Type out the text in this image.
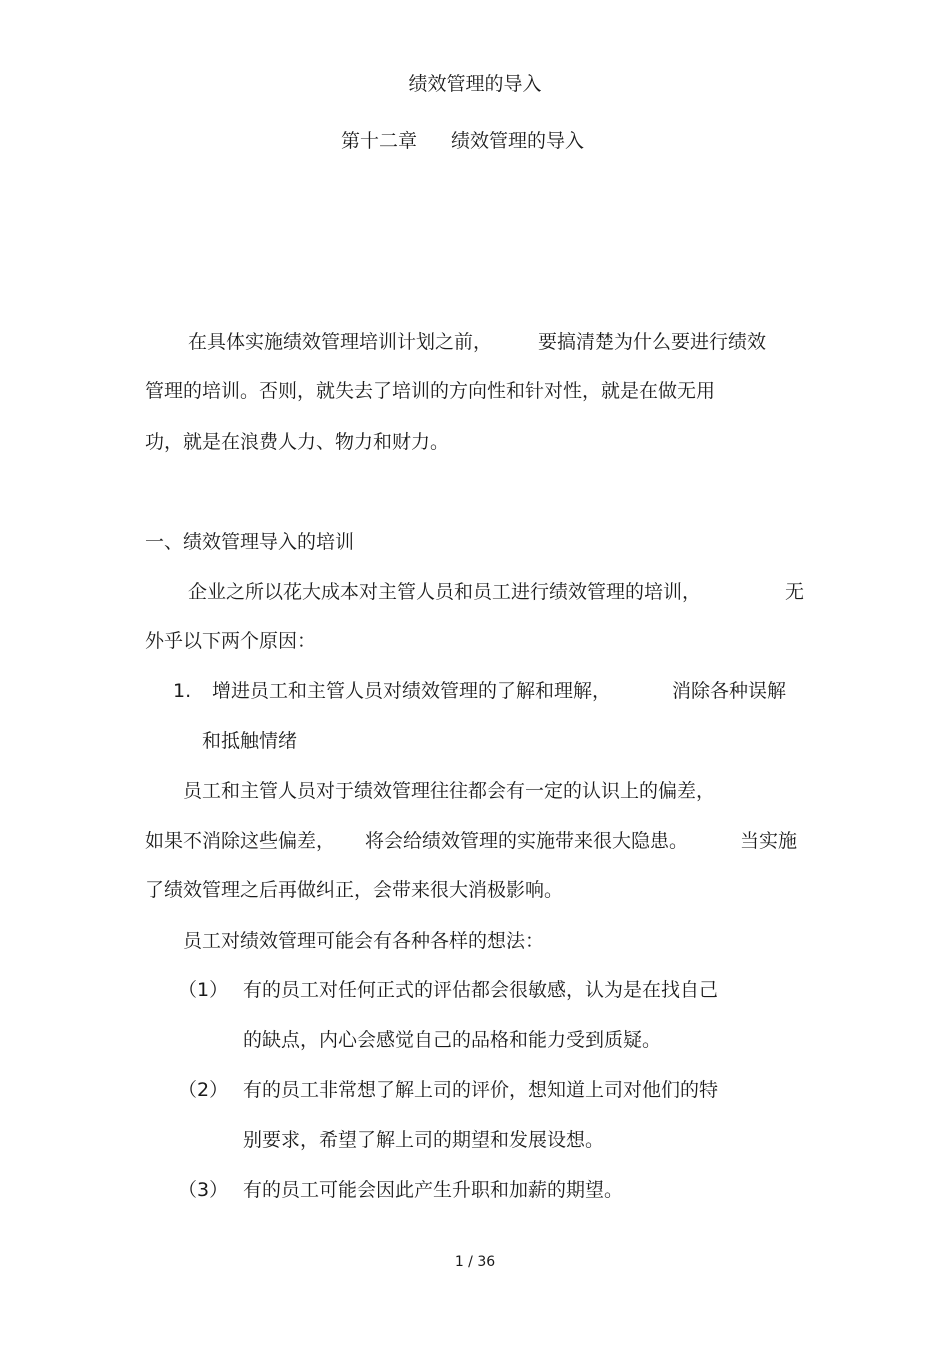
绩效管理的导入

第十二章 绩效管理的导入

在具体实施绩效管理培训计划之前， 要搞清楚为什么要进行绩效

管理的培训。否则，就失去了培训的方向性和针对性，就是在做无用

功，就是在浪费人力、物力和财力。

一、绩效管理导入的培训

企业之所以花大成本对主管人员和员工进行绩效管理的培训，	无

外乎以下两个原因：

1. 增进员工和主管人员对绩效管理的了解和理解，	消除各种误解

和抵触情绪

员工和主管人员对于绩效管理往往都会有一定的认识上的偏差，

如果不消除这些偏差， 将会给绩效管理的实施带来很大隐患。	当实施

了绩效管理之后再做纠正，会带来很大消极影响。

员工对绩效管理可能会有各种各样的想法：

（1） 有的员工对任何正式的评估都会很敏感，认为是在找自己

的缺点，内心会感觉自己的品格和能力受到质疑。

（2） 有的员工非常想了解上司的评价，想知道上司对他们的特

别要求，希望了解上司的期望和发展设想。

（3） 有的员工可能会因此产生升职和加薪的期望。

1 / 36
